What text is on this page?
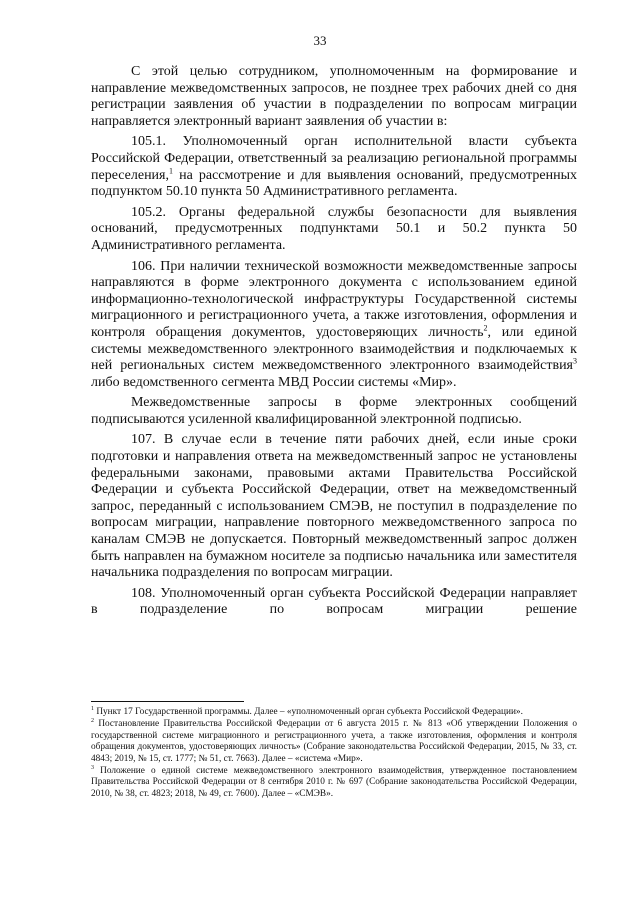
33

С этой целью сотрудником, уполномоченным на формирование и направление межведомственных запросов, не позднее трех рабочих дней со дня регистрации заявления об участии в подразделении по вопросам миграции направляется электронный вариант заявления об участии в:

105.1. Уполномоченный орган исполнительной власти субъекта Российской Федерации, ответственный за реализацию региональной программы переселения,$^1$ на рассмотрение и для выявления оснований, предусмотренных подпунктом 50.10 пункта 50 Административного регламента.

105.2. Органы федеральной службы безопасности для выявления оснований, предусмотренных подпунктами 50.1 и 50.2 пункта 50 Административного регламента.

106. При наличии технической возможности межведомственные запросы направляются в форме электронного документа с использованием единой информационно-технологической инфраструктуры Государственной системы миграционного и регистрационного учета, а также изготовления, оформления и контроля обращения документов, удостоверяющих личность$^2$, или единой системы межведомственного электронного взаимодействия и подключаемых к ней региональных систем межведомственного электронного взаимодействия$^3$ либо ведомственного сегмента МВД России системы «Мир».

Межведомственные запросы в форме электронных сообщений подписываются усиленной квалифицированной электронной подписью.

107. В случае если в течение пяти рабочих дней, если иные сроки подготовки и направления ответа на межведомственный запрос не установлены федеральными законами, правовыми актами Правительства Российской Федерации и субъекта Российской Федерации, ответ на межведомственный запрос, переданный с использованием СМЭВ, не поступил в подразделение по вопросам миграции, направление повторного межведомственного запроса по каналам СМЭВ не допускается. Повторный межведомственный запрос должен быть направлен на бумажном носителе за подписью начальника или заместителя начальника подразделения по вопросам миграции.

108. Уполномоченный орган субъекта Российской Федерации направляет в подразделение по вопросам миграции решение

$^1$ Пункт 17 Государственной программы. Далее – «уполномоченный орган субъекта Российской Федерации».

$^2$ Постановление Правительства Российской Федерации от 6 августа 2015 г. № 813 «Об утверждении Положения о государственной системе миграционного и регистрационного учета, а также изготовления, оформления и контроля обращения документов, удостоверяющих личность» (Собрание законодательства Российской Федерации, 2015, № 33, ст. 4843; 2019, № 15, ст. 1777; № 51, ст. 7663). Далее – «система «Мир».

$^3$ Положение о единой системе межведомственного электронного взаимодействия, утвержденное постановлением Правительства Российской Федерации от 8 сентября 2010 г. № 697 (Собрание законодательства Российской Федерации, 2010, № 38, ст. 4823; 2018, № 49, ст. 7600). Далее – «СМЭВ».
